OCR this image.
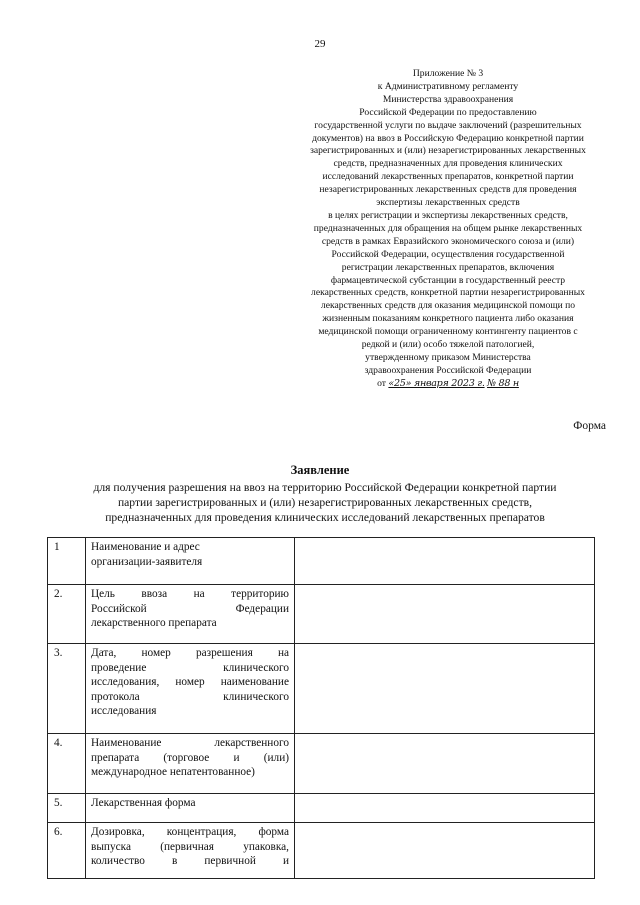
29
Приложение № 3
к Административному регламенту
Министерства здравоохранения
Российской Федерации по предоставлению
государственной услуги по выдаче заключений (разрешительных
документов) на ввоз в Российскую Федерацию конкретной партии
зарегистрированных и (или) незарегистрированных лекарственных
средств, предназначенных для проведения клинических
исследований лекарственных препаратов, конкретной партии
незарегистрированных лекарственных средств для проведения
экспертизы лекарственных средств
в целях регистрации и экспертизы лекарственных средств,
предназначенных для обращения на общем рынке лекарственных
средств в рамках Евразийского экономического союза и (или)
Российской Федерации, осуществления государственной
регистрации лекарственных препаратов, включения
фармацевтической субстанции в государственный реестр
лекарственных средств, конкретной партии незарегистрированных
лекарственных средств для оказания медицинской помощи по
жизненным показаниям конкретного пациента либо оказания
медицинской помощи ограниченному контингенту пациентов с
редкой и (или) особо тяжелой патологией,
утвержденному приказом Министерства
здравоохранения Российской Федерации
от «25» января 2023 г. № 88 н
Форма
Заявление
для получения разрешения на ввоз на территорию Российской Федерации конкретной партии
партии зарегистрированных и (или) незарегистрированных лекарственных средств,
предназначенных для проведения клинических исследований лекарственных препаратов
1	Наименование и адрес
организации-заявителя	

2.	Цель ввоза на территорию
Российской Федерации
лекарственного препарата	

3.	Дата, номер разрешения на
проведение клинического
исследования, номер наименование
протокола клинического
исследования	

4.	Наименование лекарственного
препарата (торговое и (или)
международное непатентованное)	

5.	Лекарственная форма	

6.	Дозировка, концентрация, форма
выпуска (первичная упаковка,
количество в первичной и	
